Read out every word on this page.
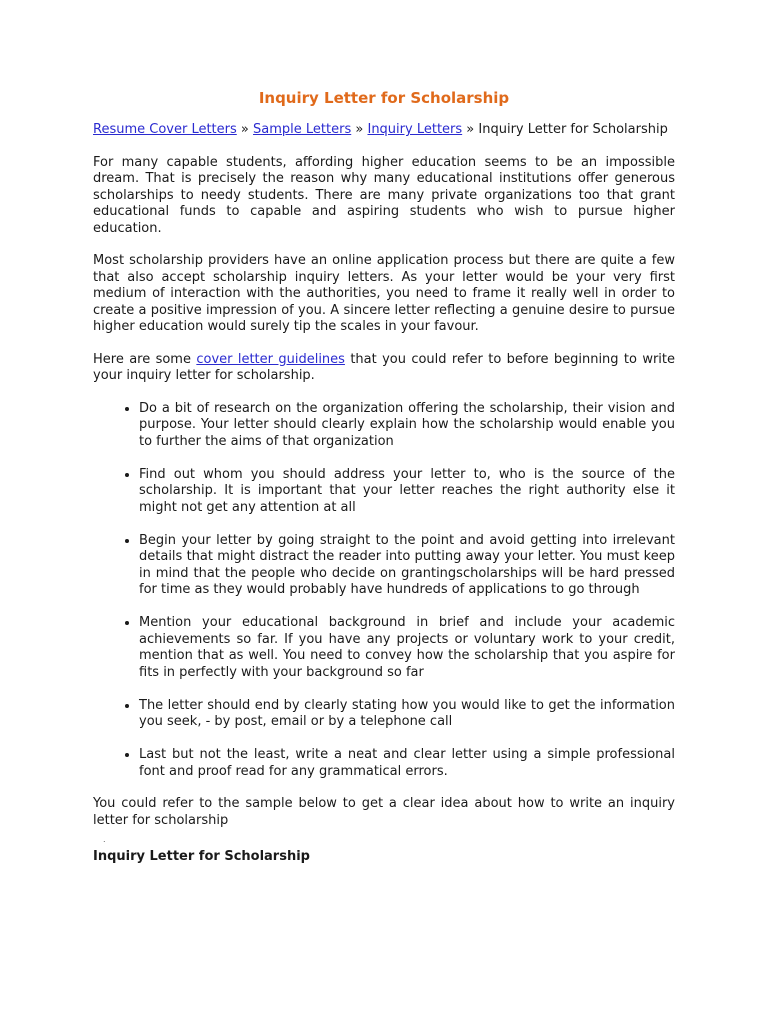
Inquiry Letter for Scholarship
Resume Cover Letters » Sample Letters » Inquiry Letters » Inquiry Letter for Scholarship

For many capable students, affording higher education seems to be an impossible dream. That is precisely the reason why many educational institutions offer generous scholarships to needy students. There are many private organizations too that grant educational funds to capable and aspiring students who wish to pursue higher education.

Most scholarship providers have an online application process but there are quite a few that also accept scholarship inquiry letters. As your letter would be your very first medium of interaction with the authorities, you need to frame it really well in order to create a positive impression of you. A sincere letter reflecting a genuine desire to pursue higher education would surely tip the scales in your favour.

Here are some cover letter guidelines that you could refer to before beginning to write your inquiry letter for scholarship.

• Do a bit of research on the organization offering the scholarship, their vision and purpose. Your letter should clearly explain how the scholarship would enable you to further the aims of that organization
• Find out whom you should address your letter to, who is the source of the scholarship. It is important that your letter reaches the right authority else it might not get any attention at all
• Begin your letter by going straight to the point and avoid getting into irrelevant details that might distract the reader into putting away your letter. You must keep in mind that the people who decide on grantingscholarships will be hard pressed for time as they would probably have hundreds of applications to go through
• Mention your educational background in brief and include your academic achievements so far. If you have any projects or voluntary work to your credit, mention that as well. You need to convey how the scholarship that you aspire for fits in perfectly with your background so far
• The letter should end by clearly stating how you would like to get the information you seek, - by post, email or by a telephone call
• Last but not the least, write a neat and clear letter using a simple professional font and proof read for any grammatical errors.

You could refer to the sample below to get a clear idea about how to write an inquiry letter for scholarship

.
Inquiry Letter for Scholarship
